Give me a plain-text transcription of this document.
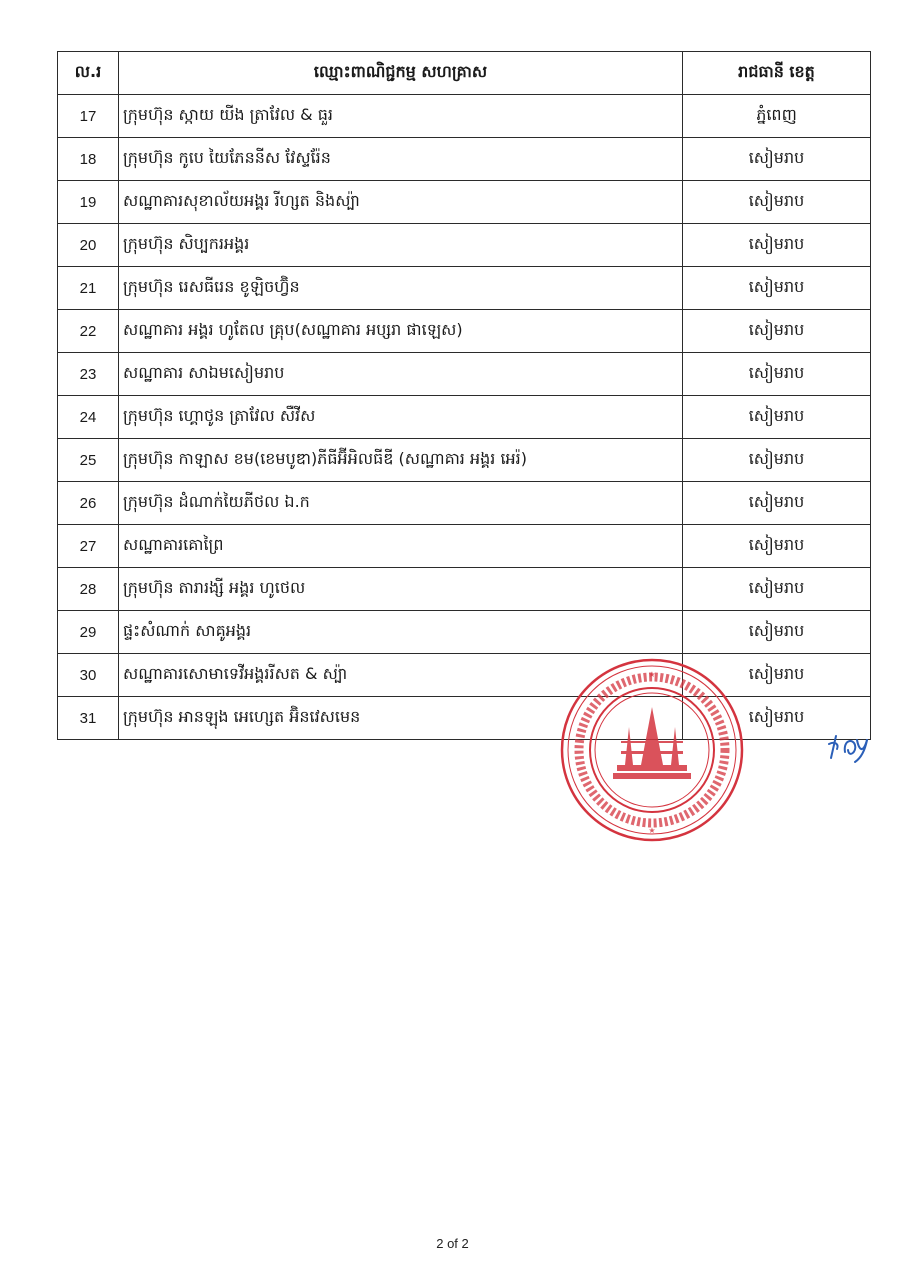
ល.រ	ឈ្មោះពាណិជ្ជកម្ម សហគ្រាស	រាជធានី ខេត្ត
17	ក្រុមហ៊ុន ស្កាយ យីង ត្រាវែល & ធួរ	ភ្នំពេញ
18	ក្រុមហ៊ុន កូបេ យៃភែននីស វែស្ទរ៉ែន	សៀមរាប
19	សណ្ឋាគារសុខាល័យអង្គរ រីហ្សត និងស្ប៉ា	សៀមរាប
20	ក្រុមហ៊ុន សិប្បករអង្គរ	សៀមរាប
21	ក្រុមហ៊ុន រេសធីរេន ខូឡិចហ្វ៊ិន	សៀមរាប
22	សណ្ឋាគារ អង្គរ ហូតែល គ្រុប(សណ្ឋាគារ អប្សរា ផាឡេស)	សៀមរាប
23	សណ្ឋាគារ សាឯមសៀមរាប	សៀមរាប
24	ក្រុមហ៊ុន ហ្គោថូន ត្រាវែល សឺវីស	សៀមរាប
25	ក្រុមហ៊ុន កាឡាស ខម(ខេមបូឌា)ភីធីអ៊ីអិលធីឌី (សណ្ឋាគារ អង្គរ អេរ៉)	សៀមរាប
26	ក្រុមហ៊ុន ដំណាក់យៃភីថល ឯ.ក	សៀមរាប
27	សណ្ឋាគារគោព្រៃ	សៀមរាប
28	ក្រុមហ៊ុន តារារង្សី អង្គរ ហូថេល	សៀមរាប
29	ផ្ទះសំណាក់ សាគូអង្គរ	សៀមរាប
30	សណ្ឋាគារសោមាទេវីអង្គររីសត & ស្ប៉ា	សៀមរាប
31	ក្រុមហ៊ុន អានឡុង អេហ្សេត អ៊ិនវេសមេន	សៀមរាប
★
★
2 of 2
